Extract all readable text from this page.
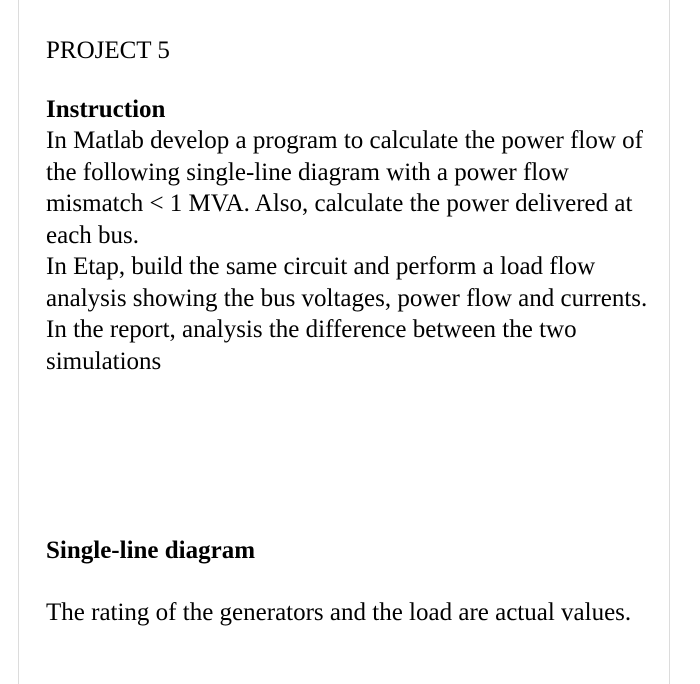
PROJECT 5
Instruction

In Matlab develop a program to calculate the power flow of the following single-line diagram with a power flow mismatch < 1 MVA. Also, calculate the power delivered at each bus.

In Etap, build the same circuit and perform a load flow analysis showing the bus voltages, power flow and currents.

In the report, analysis the difference between the two simulations

Single-line diagram

The rating of the generators and the load are actual values.
